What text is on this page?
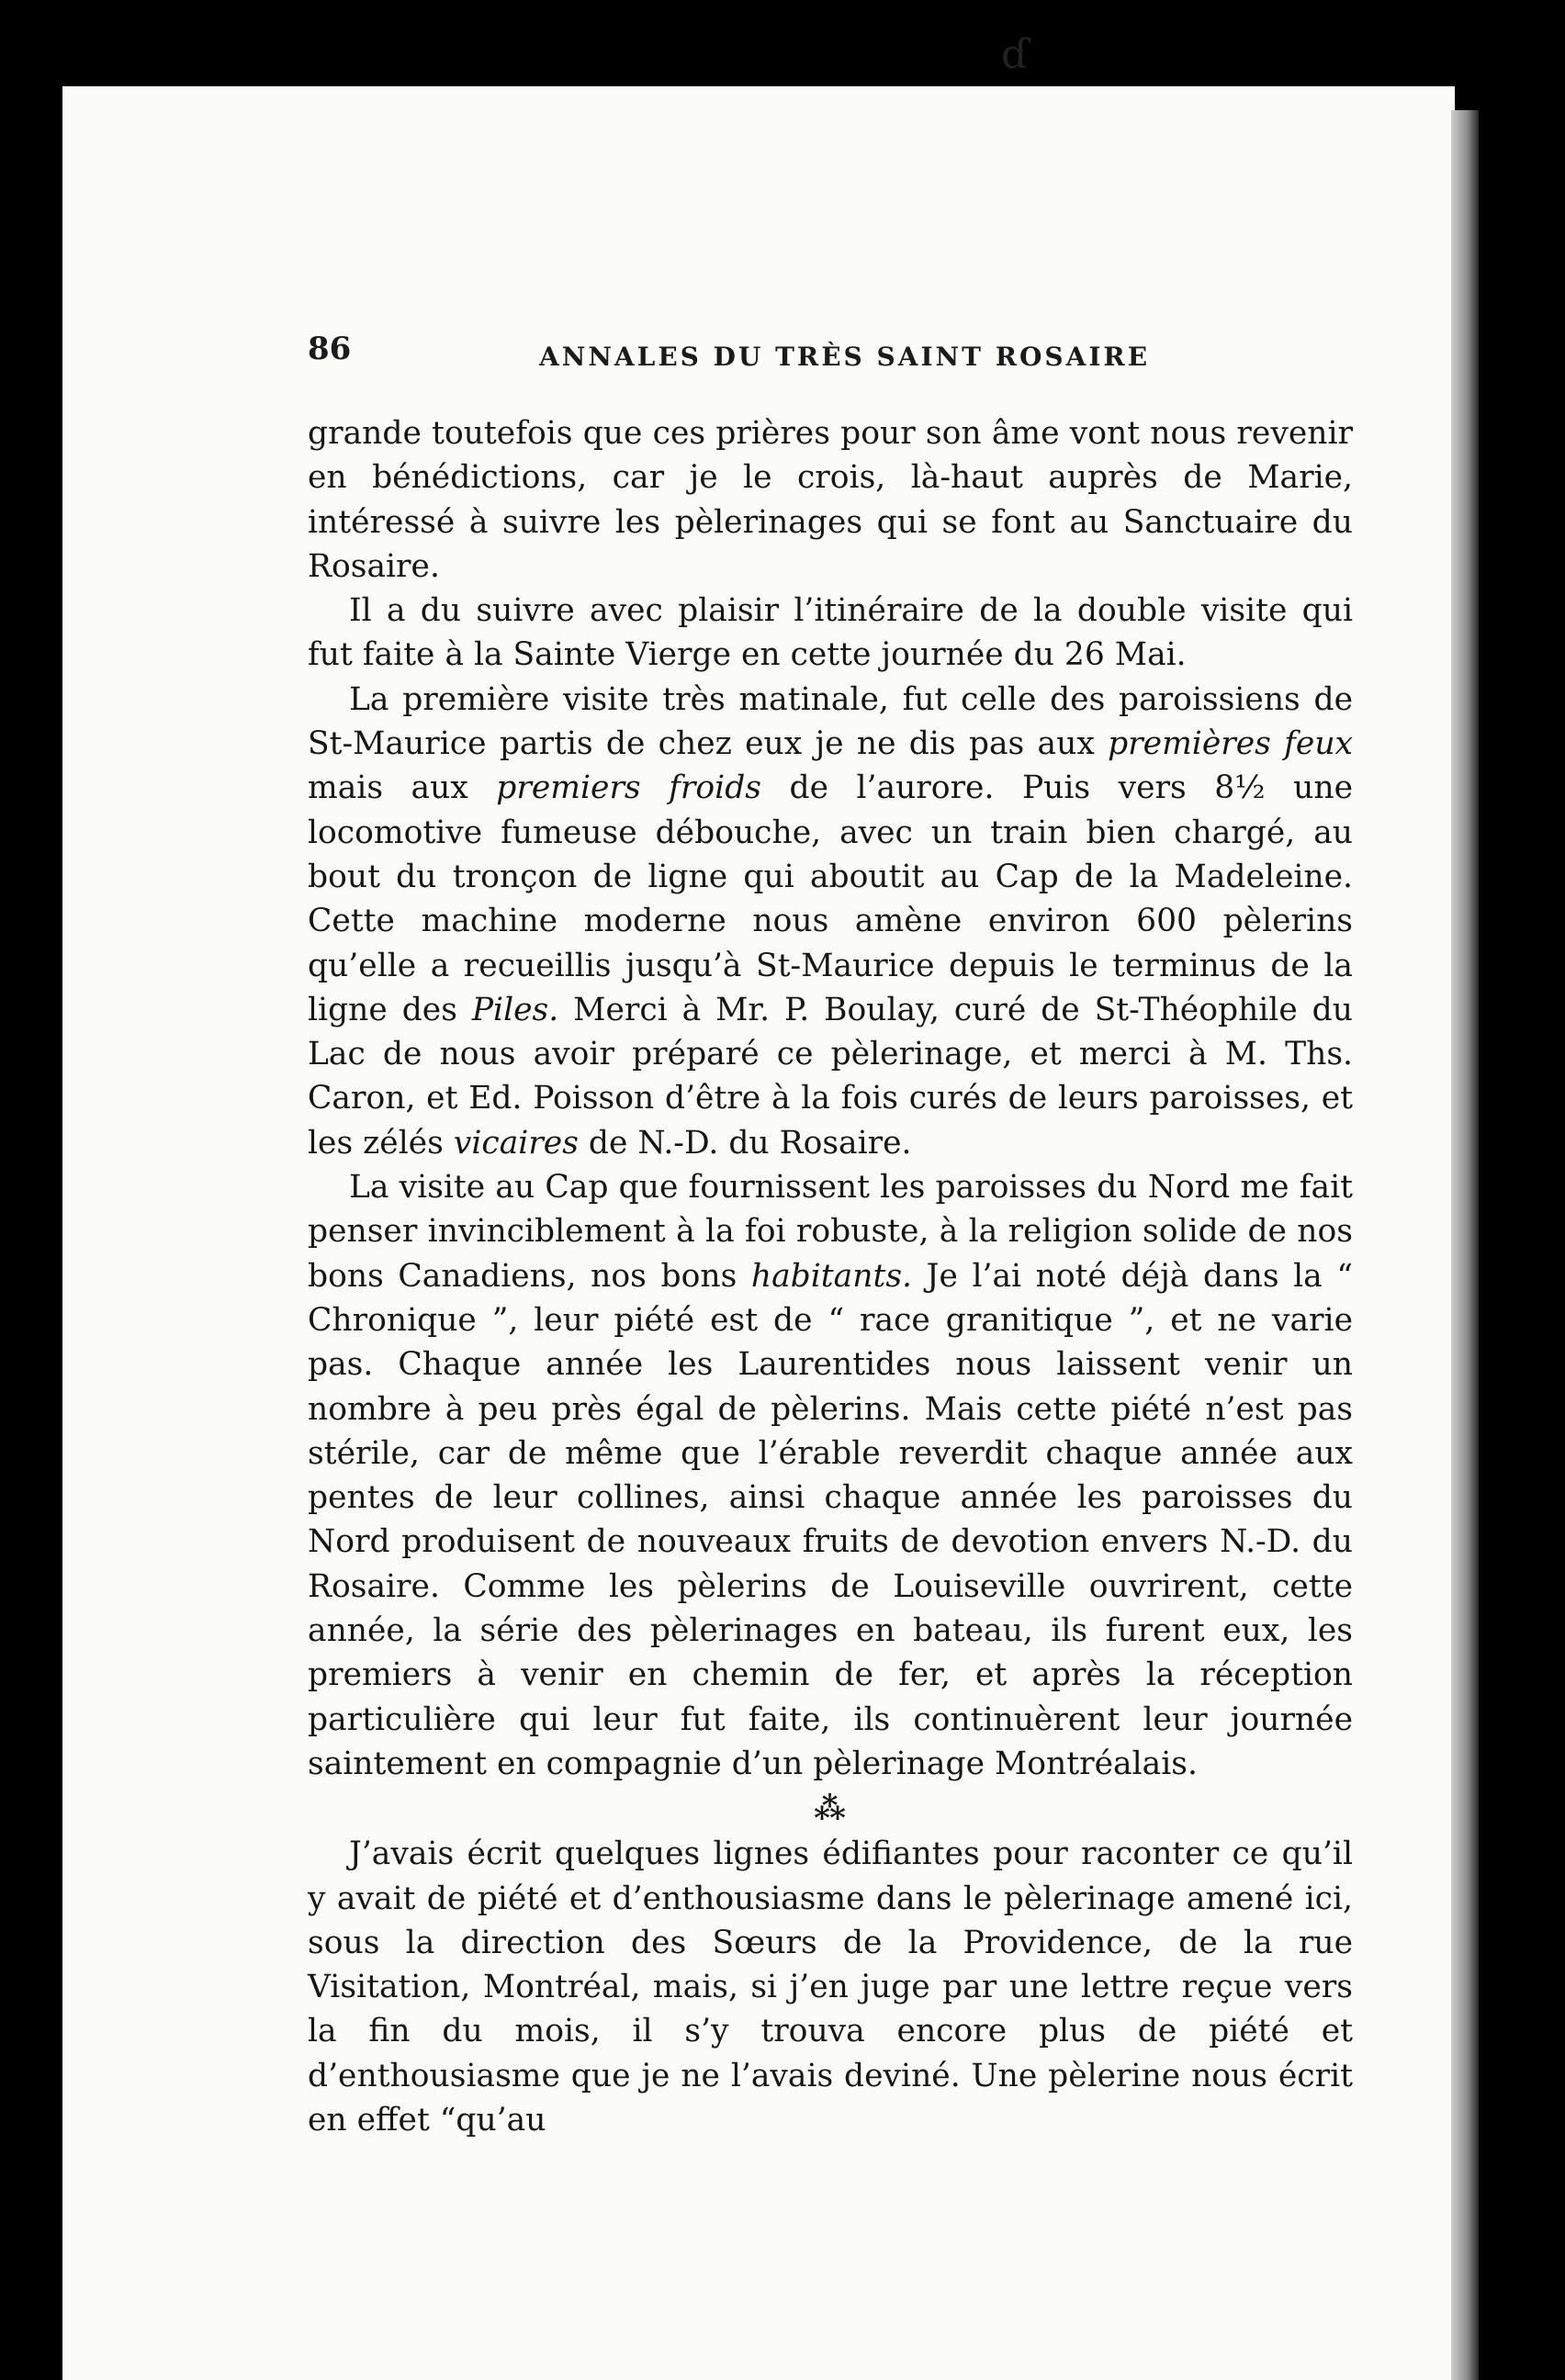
ɗ
86	ANNALES DU TRÈS SAINT ROSAIRE

grande toutefois que ces prières pour son âme vont nous revenir en bénédictions, car je le crois, là-haut auprès de Marie, intéressé à suivre les pèlerinages qui se font au Sanctuaire du Rosaire.

Il a du suivre avec plaisir l’itinéraire de la double visite qui fut faite à la Sainte Vierge en cette journée du 26 Mai.

La première visite très matinale, fut celle des paroissiens de St-Maurice partis de chez eux je ne dis pas aux premières feux mais aux premiers froids de l’aurore. Puis vers 8½ une locomotive fumeuse débouche, avec un train bien chargé, au bout du tronçon de ligne qui aboutit au Cap de la Madeleine. Cette machine moderne nous amène environ 600 pèlerins qu’elle a recueillis jusqu’à St-Maurice depuis le terminus de la ligne des Piles. Merci à Mr. P. Boulay, curé de St-Théophile du Lac de nous avoir préparé ce pèlerinage, et merci à M. Ths. Caron, et Ed. Poisson d’être à la fois curés de leurs paroisses, et les zélés vicaires de N.-D. du Rosaire.

La visite au Cap que fournissent les paroisses du Nord me fait penser invinciblement à la foi robuste, à la religion solide de nos bons Canadiens, nos bons habitants. Je l’ai noté déjà dans la “ Chronique ”, leur piété est de “ race granitique ”, et ne varie pas. Chaque année les Laurentides nous laissent venir un nombre à peu près égal de pèlerins. Mais cette piété n’est pas stérile, car de même que l’érable reverdit chaque année aux pentes de leur collines, ainsi chaque année les paroisses du Nord produisent de nouveaux fruits de devotion envers N.-D. du Rosaire. Comme les pèlerins de Louiseville ouvrirent, cette année, la série des pèlerinages en bateau, ils furent eux, les premiers à venir en chemin de fer, et après la réception particulière qui leur fut faite, ils continuèrent leur journée saintement en compagnie d’un pèlerinage Montréalais.

⁂

J’avais écrit quelques lignes édifiantes pour raconter ce qu’il y avait de piété et d’enthousiasme dans le pèlerinage amené ici, sous la direction des Sœurs de la Providence, de la rue Visitation, Montréal, mais, si j’en juge par une lettre reçue vers la fin du mois, il s’y trouva encore plus de piété et d’enthousiasme que je ne l’avais deviné. Une pèlerine nous écrit en effet “qu’au
